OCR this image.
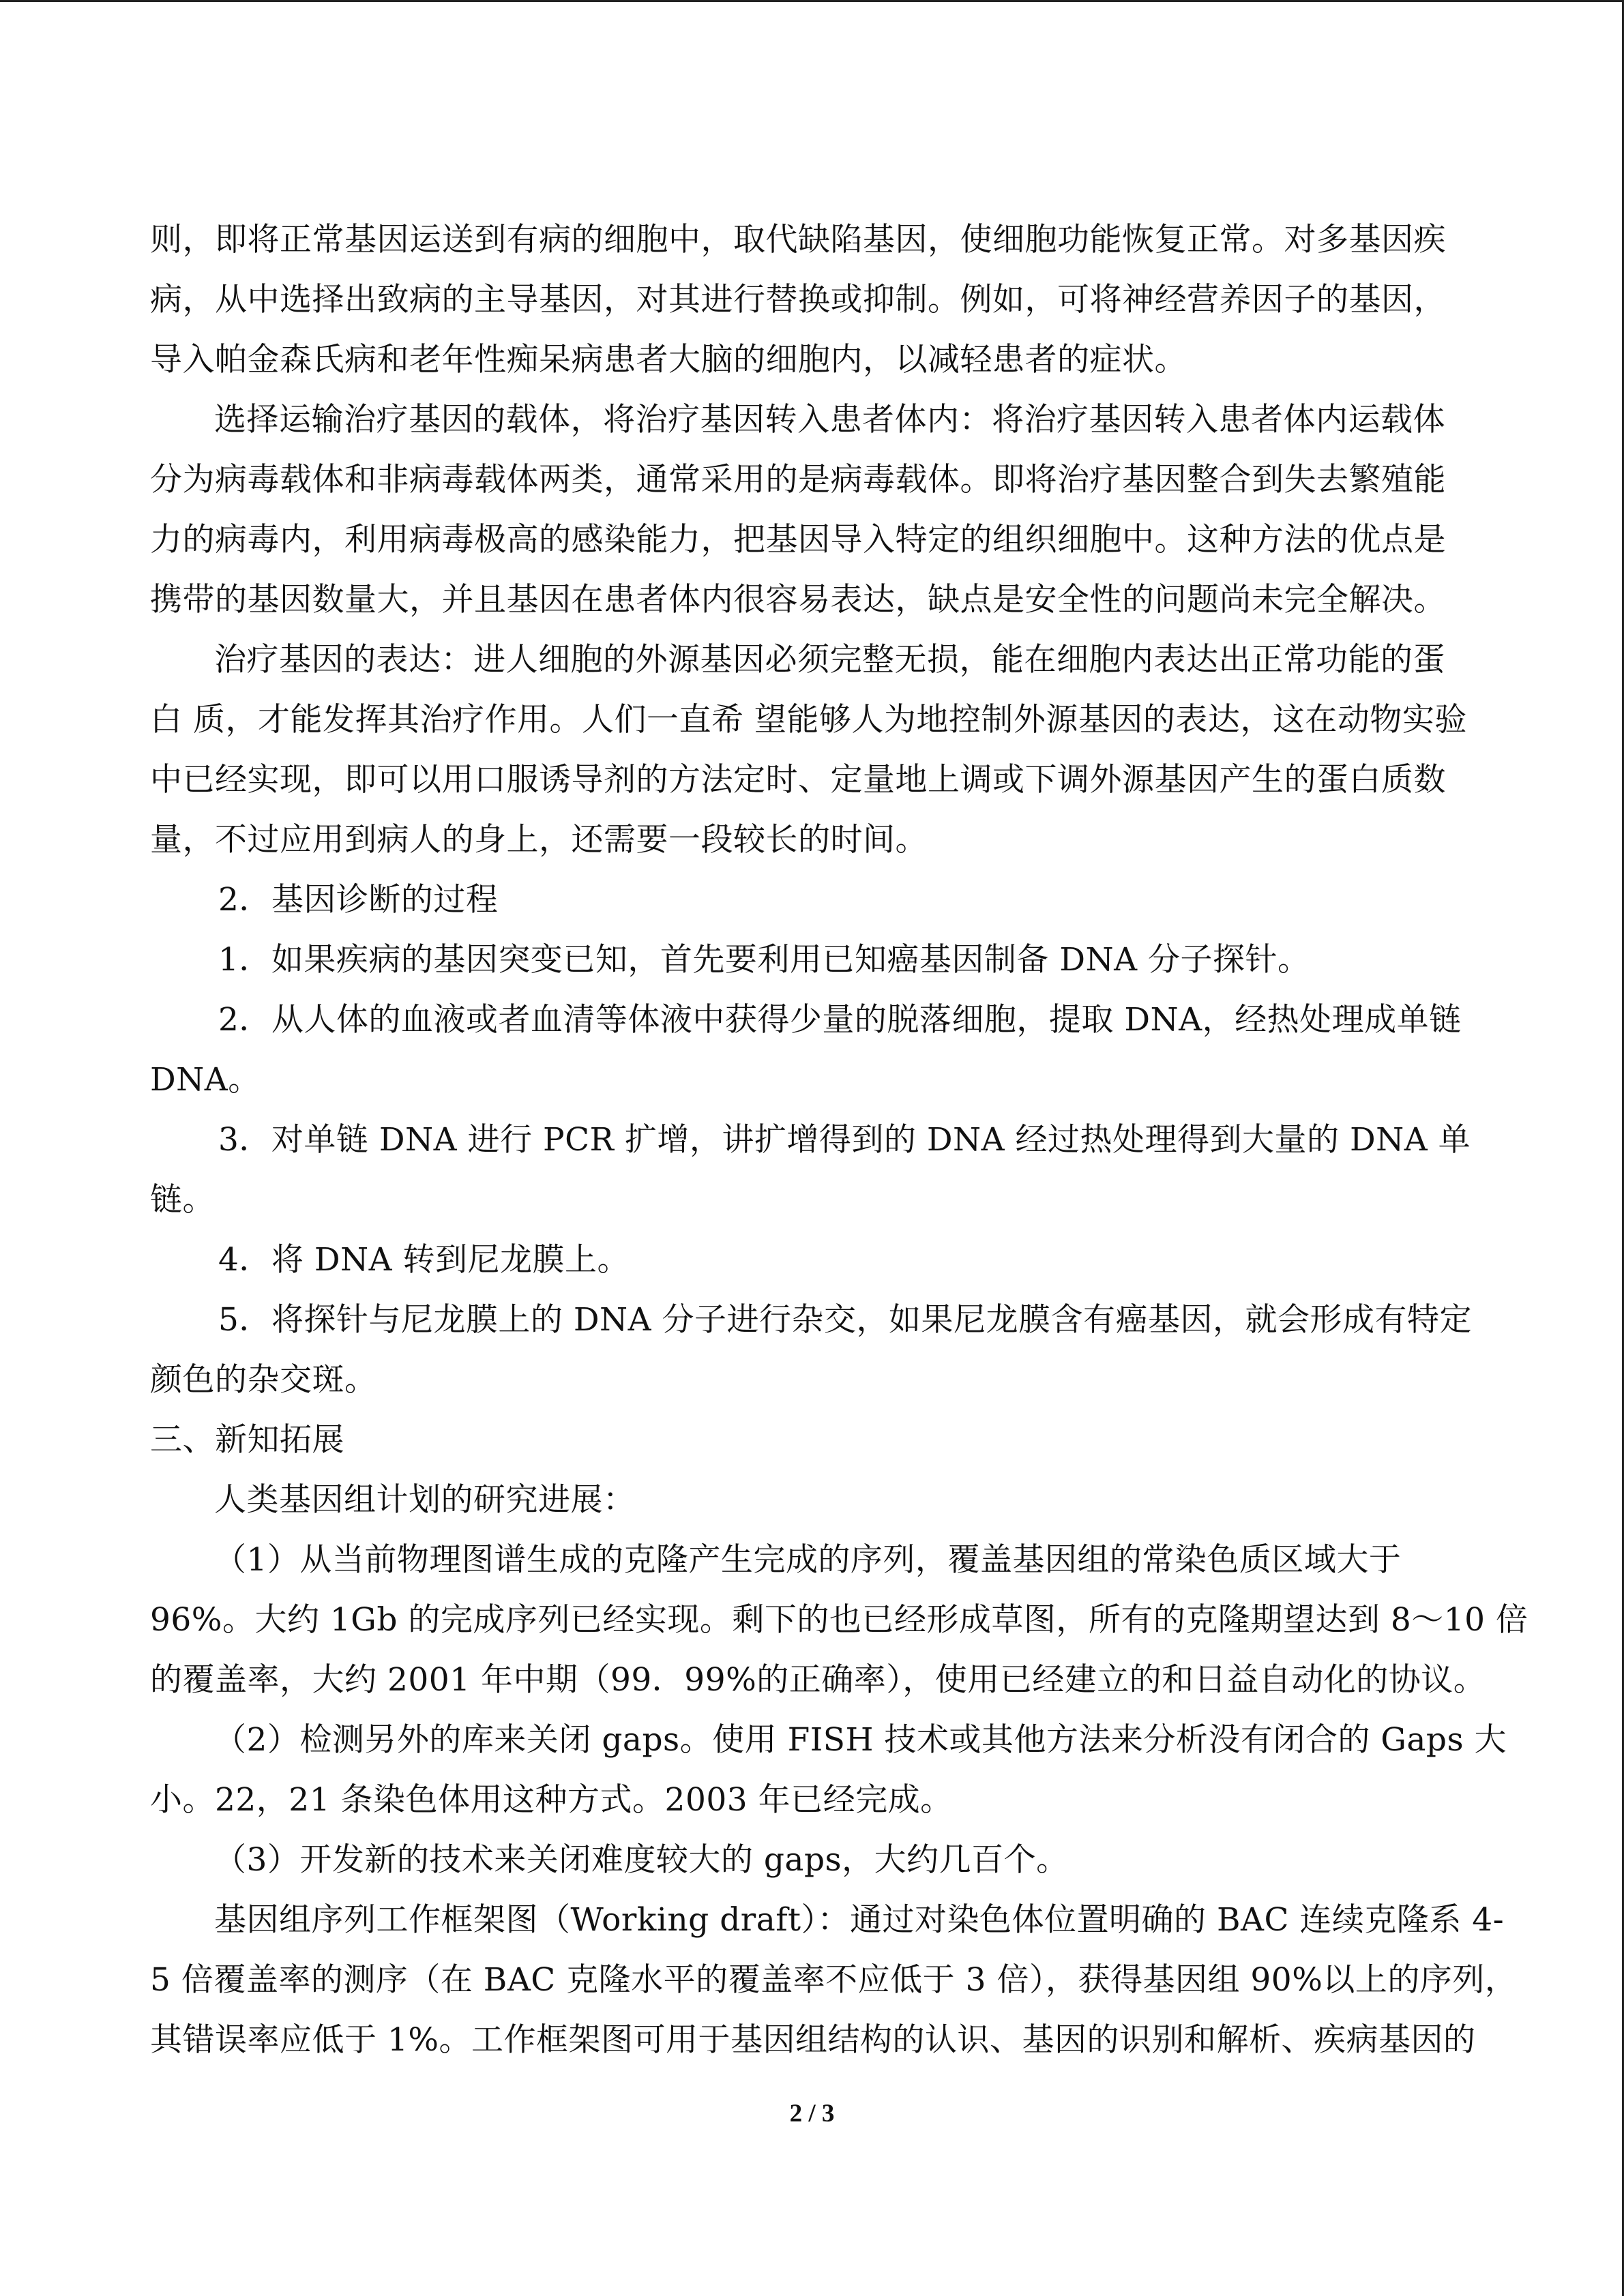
则，即将正常基因运送到有病的细胞中，取代缺陷基因，使细胞功能恢复正常。对多基因疾

病，从中选择出致病的主导基因，对其进行替换或抑制。例如，可将神经营养因子的基因，

导入帕金森氏病和老年性痴呆病患者大脑的细胞内，以减轻患者的症状。

选择运输治疗基因的载体，将治疗基因转入患者体内：将治疗基因转入患者体内运载体

分为病毒载体和非病毒载体两类，通常采用的是病毒载体。即将治疗基因整合到失去繁殖能

力的病毒内，利用病毒极高的感染能力，把基因导入特定的组织细胞中。这种方法的优点是

携带的基因数量大，并且基因在患者体内很容易表达，缺点是安全性的问题尚未完全解决。

治疗基因的表达：进人细胞的外源基因必须完整无损，能在细胞内表达出正常功能的蛋

白 质，才能发挥其治疗作用。人们一直希 望能够人为地控制外源基因的表达，这在动物实验

中已经实现，即可以用口服诱导剂的方法定时、定量地上调或下调外源基因产生的蛋白质数

量，不过应用到病人的身上，还需要一段较长的时间。

2．基因诊断的过程

1．如果疾病的基因突变已知，首先要利用已知癌基因制备 DNA 分子探针。

2．从人体的血液或者血清等体液中获得少量的脱落细胞，提取 DNA，经热处理成单链

DNA。

3．对单链 DNA 进行 PCR 扩增，讲扩增得到的 DNA 经过热处理得到大量的 DNA 单

链。

4．将 DNA 转到尼龙膜上。

5．将探针与尼龙膜上的 DNA 分子进行杂交，如果尼龙膜含有癌基因，就会形成有特定

颜色的杂交斑。

三、新知拓展

人类基因组计划的研究进展：

（1）从当前物理图谱生成的克隆产生完成的序列，覆盖基因组的常染色质区域大于

96%。大约 1Gb 的完成序列已经实现。剩下的也已经形成草图，所有的克隆期望达到 8～10 倍

的覆盖率，大约 2001 年中期（99．99%的正确率），使用已经建立的和日益自动化的协议。

（2）检测另外的库来关闭 gaps。使用 FISH 技术或其他方法来分析没有闭合的 Gaps 大

小。22，21 条染色体用这种方式。2003 年已经完成。

（3）开发新的技术来关闭难度较大的 gaps，大约几百个。

基因组序列工作框架图（Working draft）：通过对染色体位置明确的 BAC 连续克隆系 4-

5 倍覆盖率的测序（在 BAC 克隆水平的覆盖率不应低于 3 倍），获得基因组 90%以上的序列，

其错误率应低于 1%。工作框架图可用于基因组结构的认识、基因的识别和解析、疾病基因的

2 / 3
